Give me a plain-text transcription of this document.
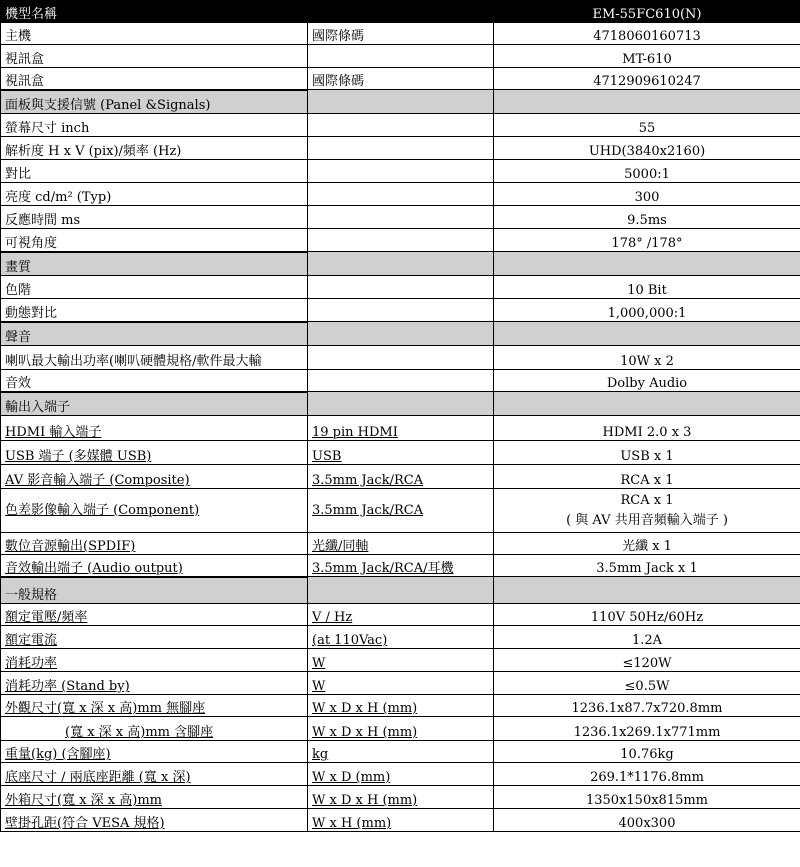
機型名稱		EM-55FC610(N)
主機	國際條碼	4718060160713
視訊盒		MT-610
視訊盒	國際條碼	4712909610247
面板與支援信號 (Panel &Signals)		
螢幕尺寸 inch		55
解析度 H x V (pix)/頻率 (Hz)		UHD(3840x2160)
對比		5000:1
亮度 cd/m² (Typ)		300
反應時間 ms		9.5ms
可視角度		178° /178°
畫質		
色階		10 Bit
動態對比		1,000,000:1
聲音		
喇叭最大輸出功率(喇叭硬體規格/軟件最大輸		10W x 2
音效		Dolby Audio
輸出入端子		
HDMI 輸入端子	19 pin HDMI	HDMI 2.0 x 3
USB 端子 (多媒體 USB)	USB	USB x 1
AV 影音輸入端子 (Composite)	3.5mm Jack/RCA	RCA x 1
色差影像輸入端子 (Component)	3.5mm Jack/RCA	RCA x 1
( 與 AV 共用音頻輸入端子 )

數位音源輸出(SPDIF)	光纖/同軸	光纖 x 1
音效輸出端子 (Audio output)	3.5mm Jack/RCA/耳機	3.5mm Jack x 1
一般規格		
額定電壓/頻率	V / Hz	110V 50Hz/60Hz
額定電流	(at 110Vac)	1.2A
消耗功率	W	≤120W
消耗功率 (Stand by)	W	≤0.5W
外觀尺寸(寬 x 深 x 高)mm 無腳座	W x D x H (mm)	1236.1x87.7x720.8mm
(寬 x 深 x 高)mm 含腳座	W x D x H (mm)	1236.1x269.1x771mm
重量(kg) (含腳座)	kg	10.76kg
底座尺寸 / 兩底座距離 (寬 x 深)	W x D (mm)	269.1*1176.8mm
外箱尺寸(寬 x 深 x 高)mm	W x D x H (mm)	1350x150x815mm
壁掛孔距(符合 VESA 規格)	W x H (mm)	400x300
